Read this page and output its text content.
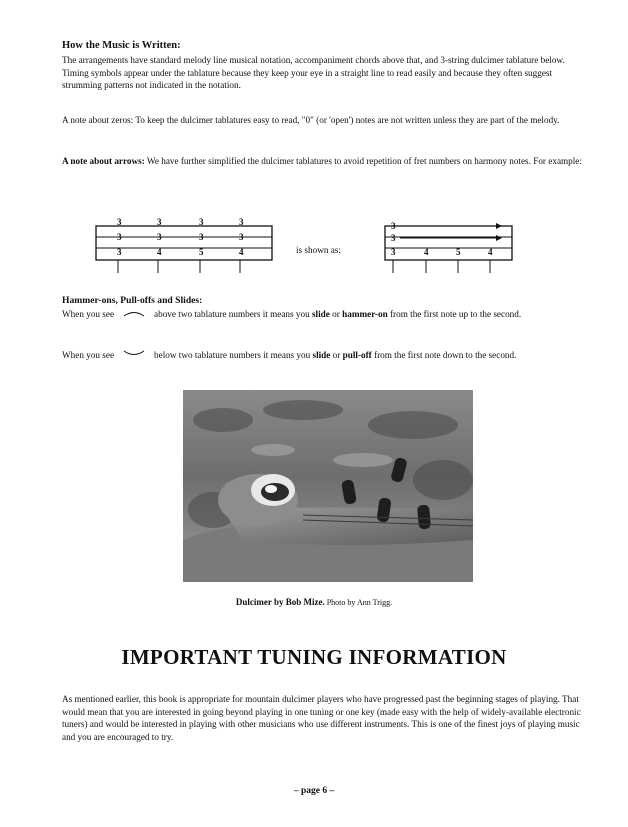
How the Music is Written:

The arrangements have standard melody line musical notation, accompaniment chords above that, and 3-string dulcimer tablature below. Timing symbols appear under the tablature because they keep your eye in a straight line to read easily and because they often suggest strumming patterns not indicated in the notation.

A note about zeros: To keep the dulcimer tablatures easy to read, "0" (or 'open') notes are not written unless they are part of the melody.

A note about arrows: We have further simplified the dulcimer tablatures to avoid repetition of fret numbers on harmony notes. For example:

3	3	3	3
3	3	3	3
3	4	5	4	is shown as:
3
3
3	4	5	4
Hammer-ons, Pull-offs and Slides:

When you see	above two tablature numbers it means you slide or hammer-on from the first note up to the second.

When you see	below two tablature numbers it means you slide or pull-off from the first note down to the second.

Dulcimer by Bob Mize. Photo by Ann Trigg.
IMPORTANT TUNING INFORMATION

As mentioned earlier, this book is appropriate for mountain dulcimer players who have progressed past the beginning stages of playing. That would mean that you are interested in going beyond playing in one tuning or one key (made easy with the help of widely-available electronic tuners) and would be interested in playing with other musicians who use different instruments. This is one of the finest joys of playing music and you are encouraged to try.

– page 6 –
